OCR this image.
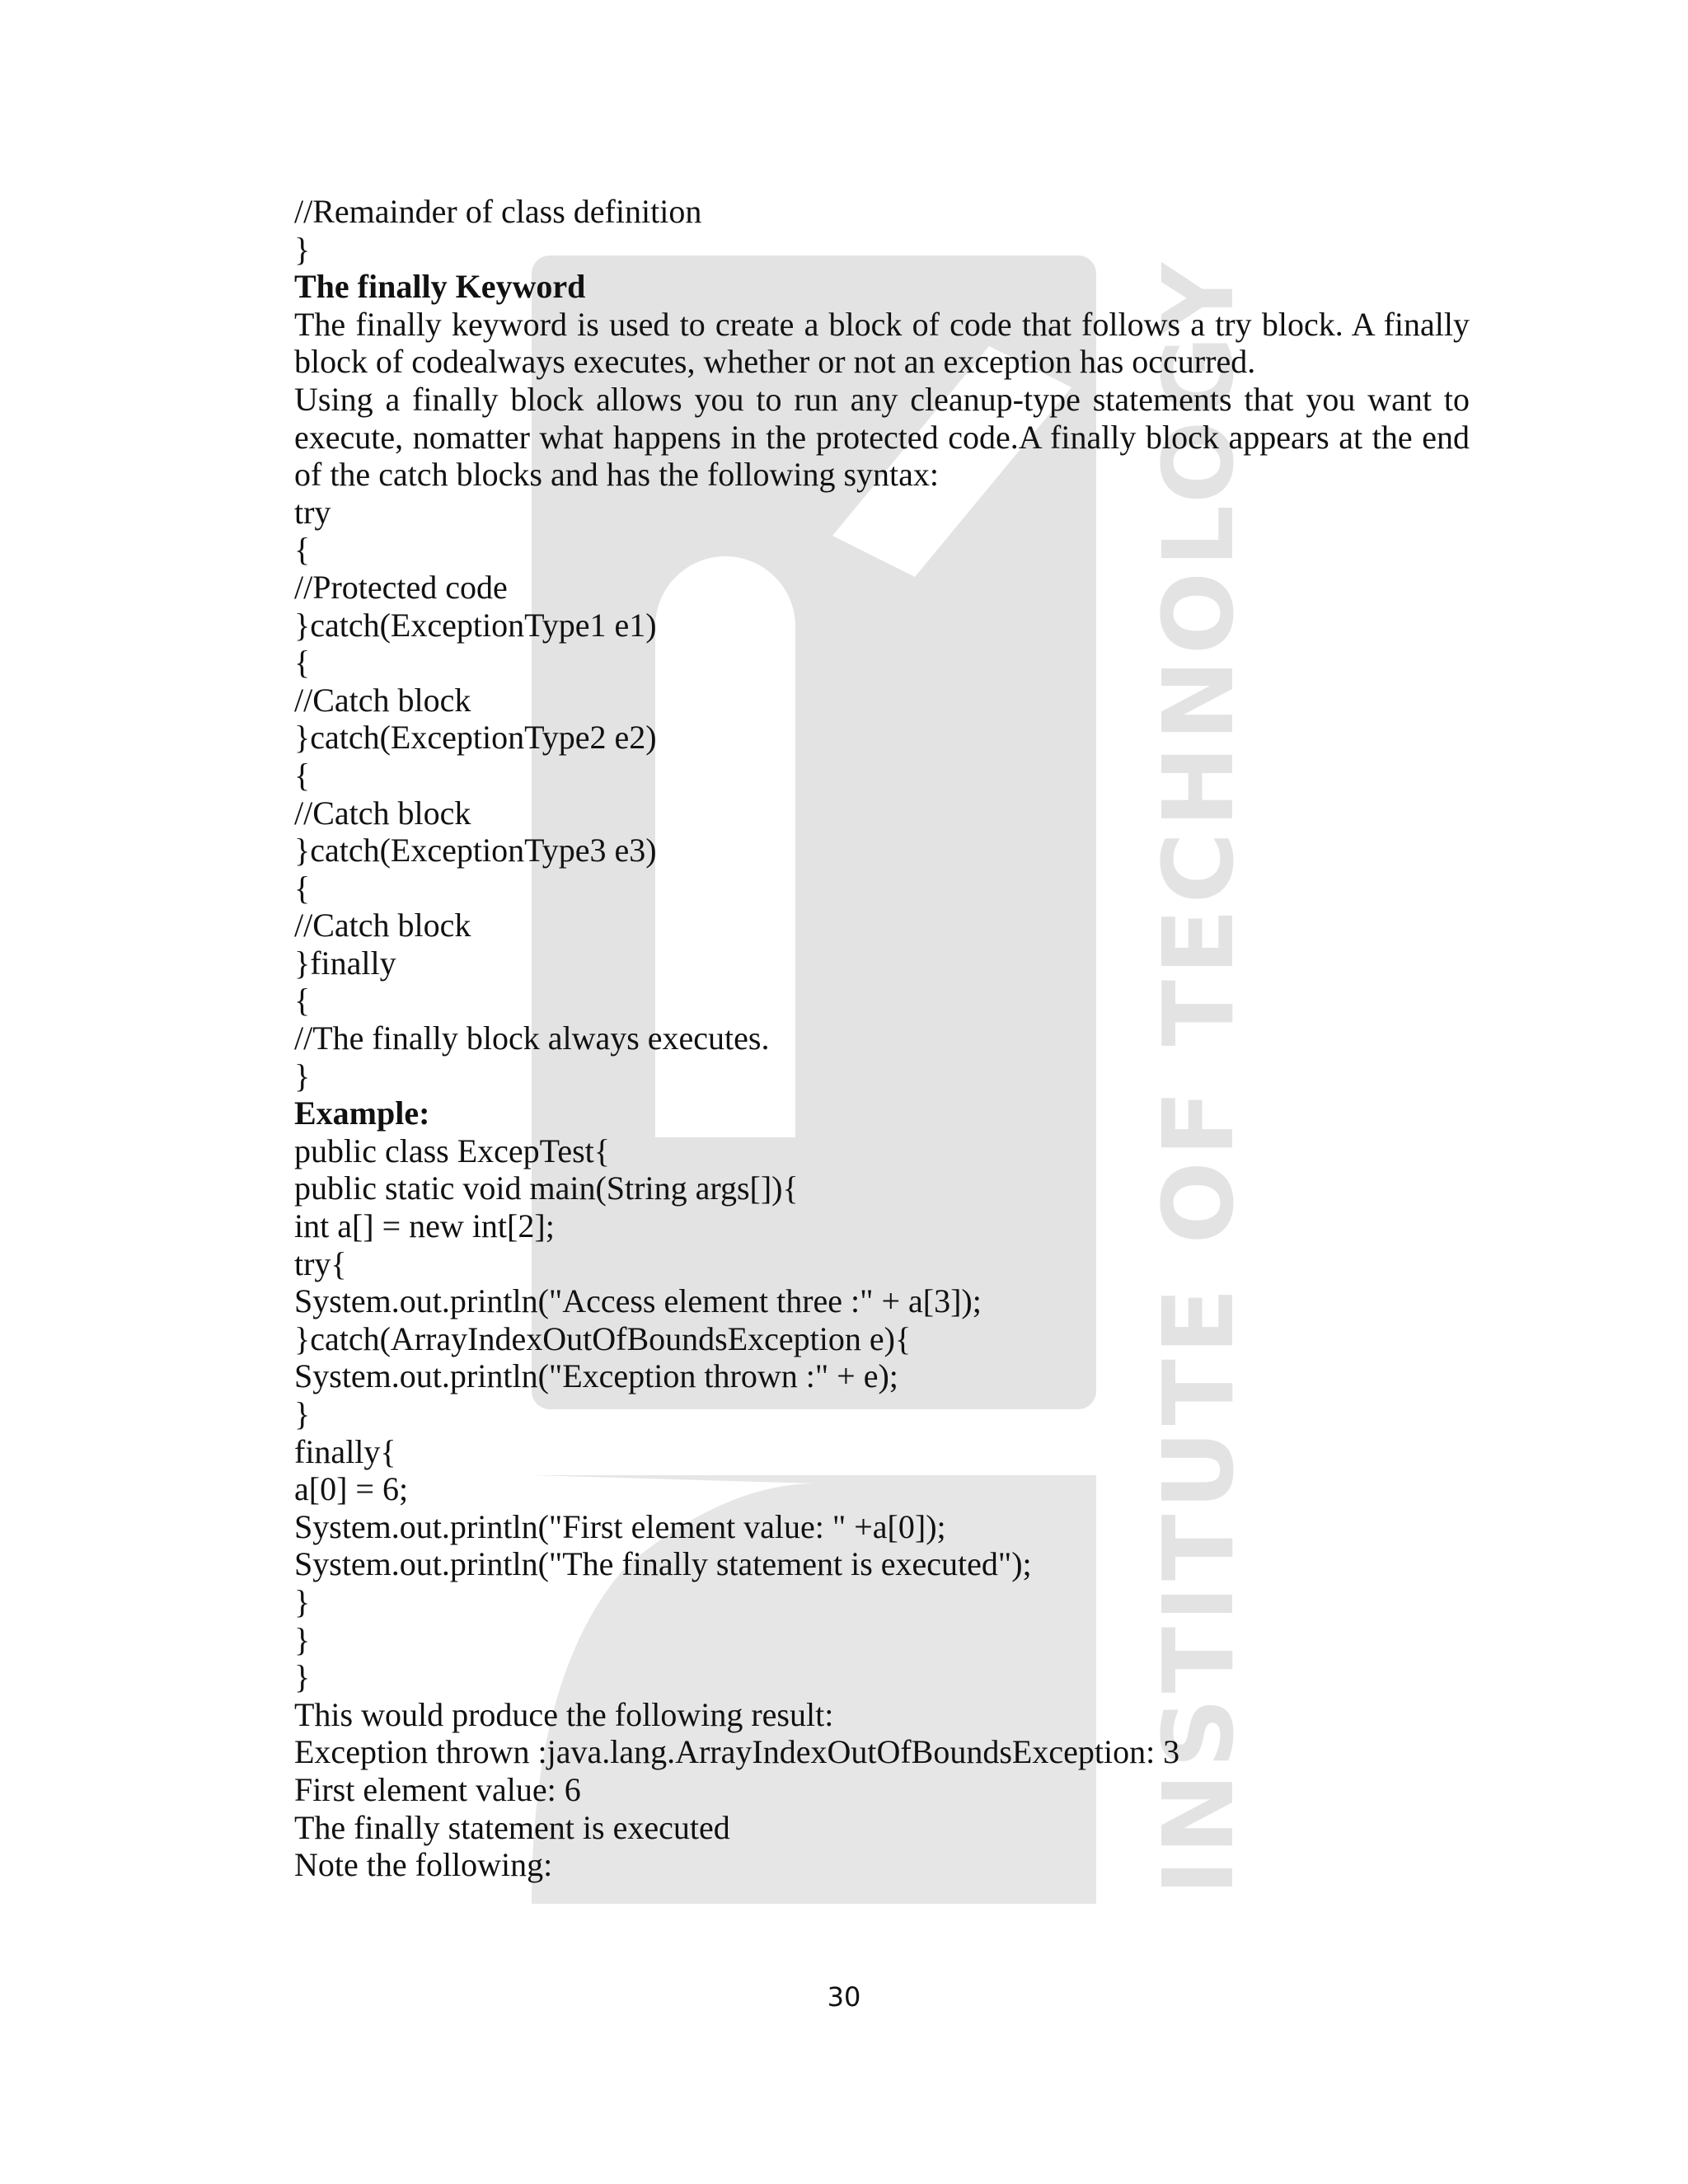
INSTITUTE OF TECHNOLOGY
//Remainder of class definition
}
The finally Keyword

The finally keyword is used to create a block of code that follows a try block. A finally block of codealways executes, whether or not an exception has occurred.

Using a finally block allows you to run any cleanup-type statements that you want to execute, nomatter what happens in the protected code.A finally block appears at the end of the catch blocks and has the following syntax:

try
{
//Protected code
}catch(ExceptionType1 e1)
{
//Catch block
}catch(ExceptionType2 e2)
{
//Catch block
}catch(ExceptionType3 e3)
{
//Catch block
}finally
{
//The finally block always executes.
}
Example:
public class ExcepTest{
public static void main(String args[]){
int a[] = new int[2];
try{
System.out.println("Access element three :" + a[3]);
}catch(ArrayIndexOutOfBoundsException e){
System.out.println("Exception thrown :" + e);
}
finally{
a[0] = 6;
System.out.println("First element value: " +a[0]);
System.out.println("The finally statement is executed");
}
}
}
This would produce the following result:
Exception thrown :java.lang.ArrayIndexOutOfBoundsException: 3
First element value: 6
The finally statement is executed
Note the following:
30
